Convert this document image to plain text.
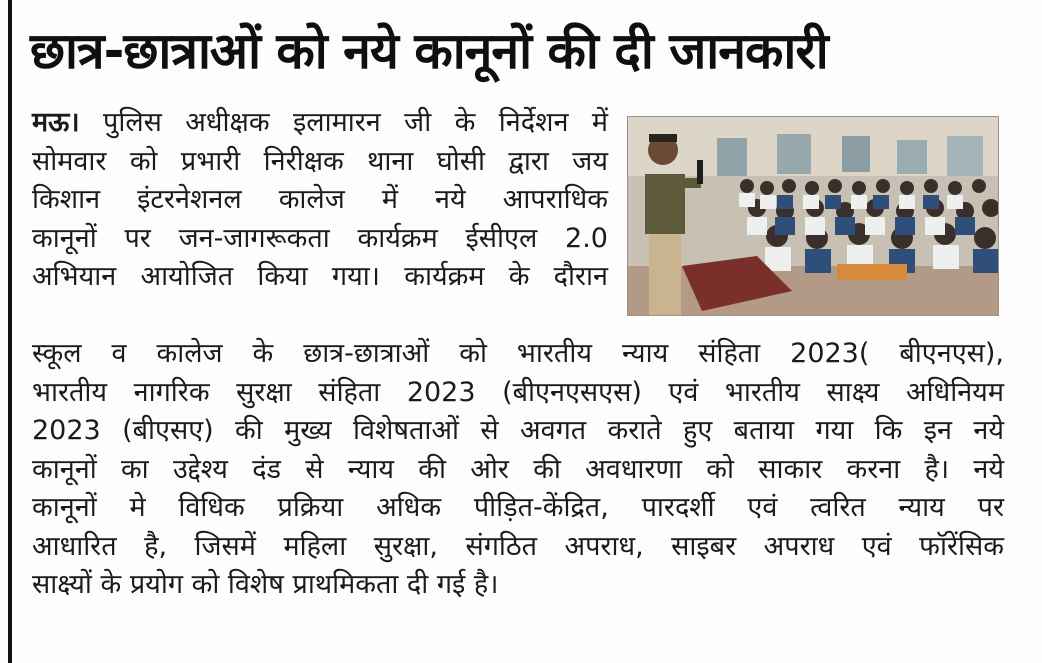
छात्र-छात्राओं को नये कानूनों की दी जानकारी
मऊ। पुलिस अधीक्षक इलामारन जी के निर्देशन में
सोमवार को प्रभारी निरीक्षक थाना घोसी द्वारा जय
किशान इंटरनेशनल कालेज में नये आपराधिक
कानूनों पर जन-जागरूकता कार्यक्रम ईसीएल 2.0
अभियान आयोजित किया गया। कार्यक्रम के दौरान
स्कूल व कालेज के छात्र-छात्राओं को भारतीय न्याय संहिता 2023( बीएनएस),
भारतीय नागरिक सुरक्षा संहिता 2023 (बीएनएसएस) एवं भारतीय साक्ष्य अधिनियम
2023 (बीएसए) की मुख्य विशेषताओं से अवगत कराते हुए बताया गया कि इन नये
कानूनों का उद्देश्य दंड से न्याय की ओर की अवधारणा को साकार करना है। नये
कानूनों मे विधिक प्रक्रिया अधिक पीड़ित-केंद्रित, पारदर्शी एवं त्वरित न्याय पर
आधारित है, जिसमें महिला सुरक्षा, संगठित अपराध, साइबर अपराध एवं फॉरेंसिक
साक्ष्यों के प्रयोग को विशेष प्राथमिकता दी गई है।
